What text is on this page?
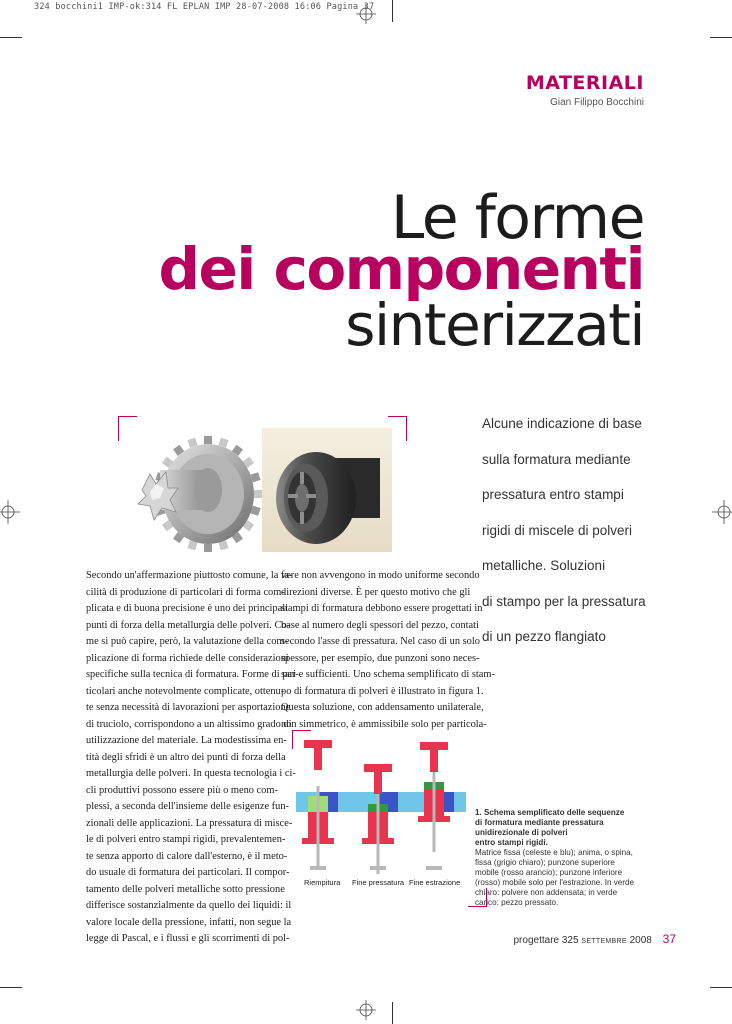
324 bocchini1 IMP-ok:314 FL EPLAN IMP 28-07-2008 16:06 Pagina 37
MATERIALI
Gian Filippo Bocchini
Le forme
dei componenti
sinterizzati
Alcune indicazione di base
sulla formatura mediante
pressatura entro stampi
rigidi di miscele di polveri
metalliche. Soluzioni
di stampo per la pressatura
di un pezzo flangiato
Secondo un'affermazione piuttosto comune, la fa-
cilità di produzione di particolari di forma com-
plicata e di buona precisione è uno dei principali
punti di forza della metallurgia delle polveri. Co-
me si può capire, però, la valutazione della com-
plicazione di forma richiede delle considerazioni
specifiche sulla tecnica di formatura. Forme di par-
ticolari anche notevolmente complicate, ottenu-
te senza necessità di lavorazioni per asportazione
di truciolo, corrispondono a un altissimo grado di
utilizzazione del materiale. La modestissima en-
tità degli sfridi è un altro dei punti di forza della
metallurgia delle polveri. In questa tecnologia i ci-
cli produttivi possono essere più o meno com-
plessi, a seconda dell'insieme delle esigenze fun-
zionali delle applicazioni. La pressatura di misce-
le di polveri entro stampi rigidi, prevalentemen-
te senza apporto di calore dall'esterno, è il meto-
do usuale di formatura dei particolari. Il compor-
tamento delle polveri metalliche sotto pressione
differisce sostanzialmente da quello dei liquidi: il
valore locale della pressione, infatti, non segue la
legge di Pascal, e i flussi e gli scorrimenti di pol-
vere non avvengono in modo uniforme secondo
direzioni diverse. È per questo motivo che gli
stampi di formatura debbono essere progettati in
base al numero degli spessori del pezzo, contati
secondo l'asse di pressatura. Nel caso di un solo
spessore, per esempio, due punzoni sono neces-
sari e sufficienti. Uno schema semplificato di stam-
po di formatura di polveri è illustrato in figura 1.
Questa soluzione, con addensamento unilaterale,
non simmetrico, è ammissibile solo per particola-
Riempitura Fine pressatura Fine estrazione
1. Schema semplificato delle sequenze
di formatura mediante pressatura
unidirezionale di polveri
entro stampi rigidi.
Matrice fissa (celeste e blu); anima, o spina,
fissa (grigio chiaro); punzone superiore
mobile (rosso arancio); punzone inferiore
(rosso) mobile solo per l'estrazione. In verde
chiaro: polvere non addensata; in verde
carico: pezzo pressato.
progettare 325 SETTEMBRE 2008 37
